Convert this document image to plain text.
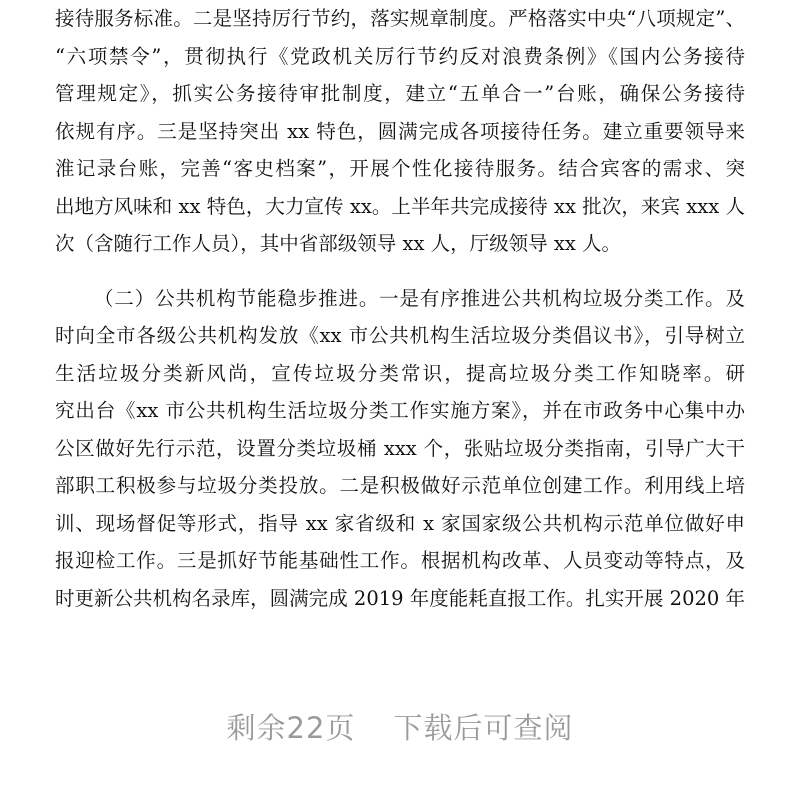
接待服务标准。二是坚持厉行节约，落实规章制度。严格落实中央“八项规定”、
“六项禁令”，贯彻执行《党政机关厉行节约反对浪费条例》《国内公务接待
管理规定》，抓实公务接待审批制度，建立“五单合一”台账，确保公务接待
依规有序。三是坚持突出 xx 特色，圆满完成各项接待任务。建立重要领导来
淮记录台账，完善“客史档案”，开展个性化接待服务。结合宾客的需求、突
出地方风味和 xx 特色，大力宣传 xx。上半年共完成接待 xx 批次，来宾 xxx 人
次（含随行工作人员），其中省部级领导 xx 人，厅级领导 xx 人。
（二）公共机构节能稳步推进。一是有序推进公共机构垃圾分类工作。及
时向全市各级公共机构发放《xx 市公共机构生活垃圾分类倡议书》，引导树立
生活垃圾分类新风尚，宣传垃圾分类常识，提高垃圾分类工作知晓率。研
究出台《xx 市公共机构生活垃圾分类工作实施方案》，并在市政务中心集中办
公区做好先行示范，设置分类垃圾桶 xxx 个，张贴垃圾分类指南，引导广大干
部职工积极参与垃圾分类投放。二是积极做好示范单位创建工作。利用线上培
训、现场督促等形式，指导 xx 家省级和 x 家国家级公共机构示范单位做好申
报迎检工作。三是抓好节能基础性工作。根据机构改革、人员变动等特点，及
时更新公共机构名录库，圆满完成 2019 年度能耗直报工作。扎实开展 2020 年
剩余22页 下载后可查阅
